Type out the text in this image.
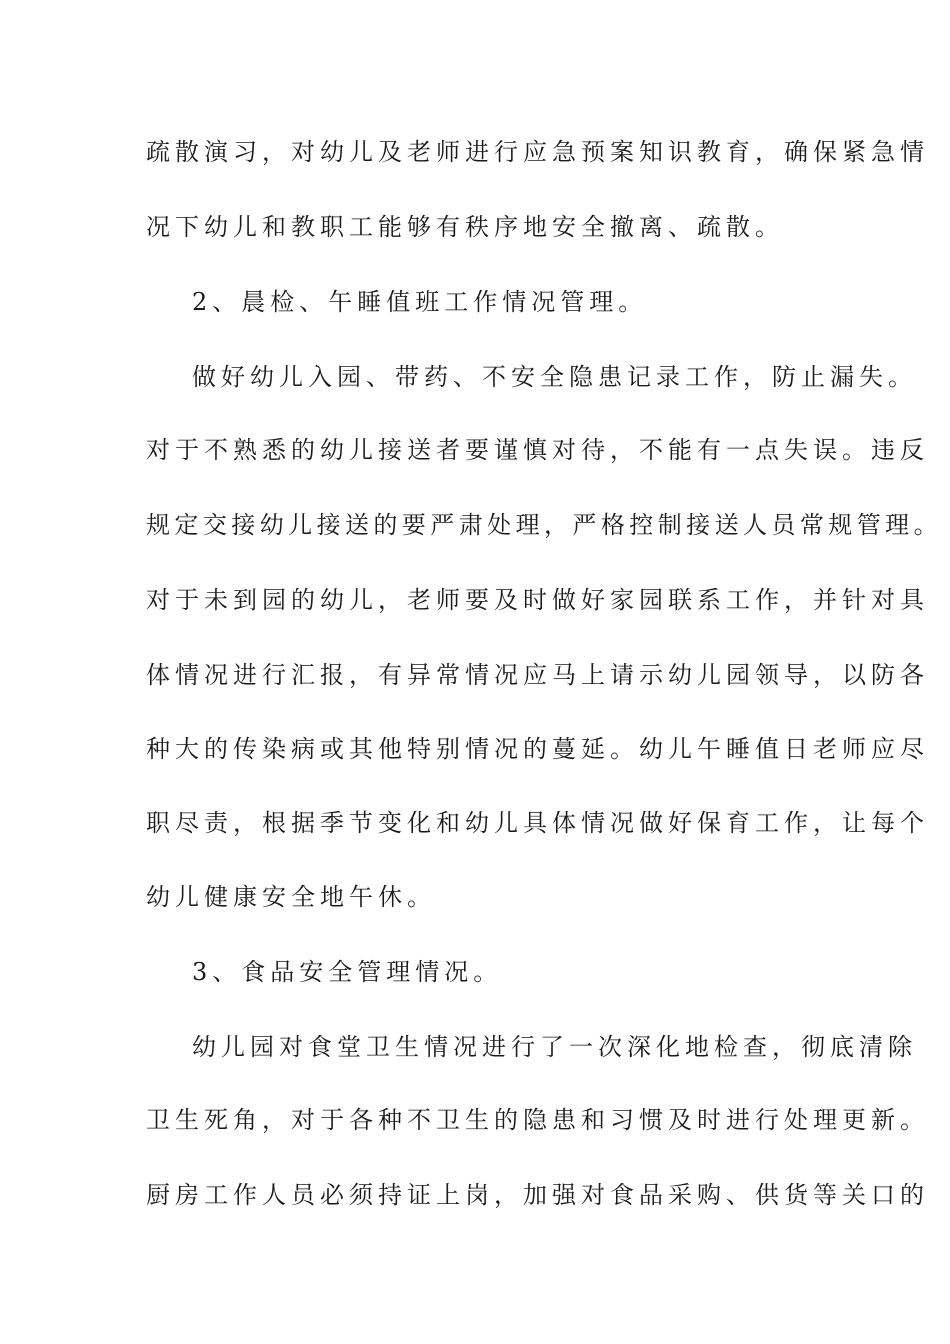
疏散演习，对幼儿及老师进行应急预案知识教育，确保紧急情

况下幼儿和教职工能够有秩序地安全撤离、疏散。

2、晨检、午睡值班工作情况管理。

做好幼儿入园、带药、不安全隐患记录工作，防止漏失。

对于不熟悉的幼儿接送者要谨慎对待，不能有一点失误。违反

规定交接幼儿接送的要严肃处理，严格控制接送人员常规管理。

对于未到园的幼儿，老师要及时做好家园联系工作，并针对具

体情况进行汇报，有异常情况应马上请示幼儿园领导，以防各

种大的传染病或其他特别情况的蔓延。幼儿午睡值日老师应尽

职尽责，根据季节变化和幼儿具体情况做好保育工作，让每个

幼儿健康安全地午休。

3、食品安全管理情况。

幼儿园对食堂卫生情况进行了一次深化地检查，彻底清除

卫生死角，对于各种不卫生的隐患和习惯及时进行处理更新。

厨房工作人员必须持证上岗，加强对食品采购、供货等关口的
